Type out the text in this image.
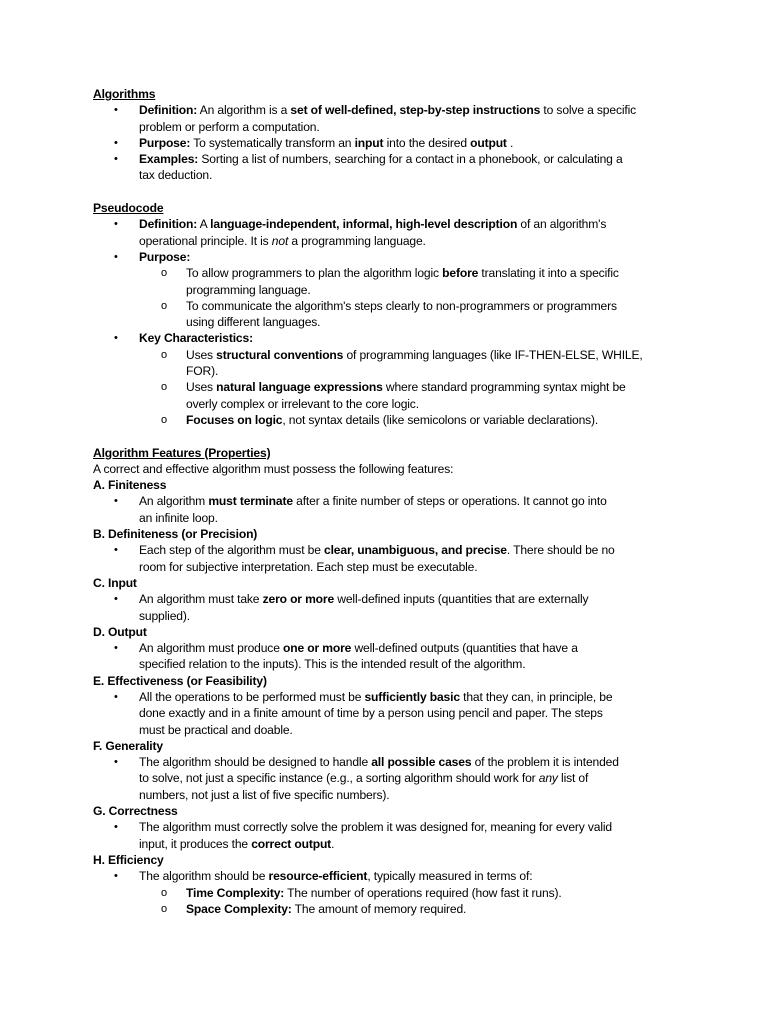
Algorithms
• Definition: An algorithm is a set of well-defined, step-by-step instructions to solve a specific
problem or perform a computation.
• Purpose: To systematically transform an input into the desired output .
• Examples: Sorting a list of numbers, searching for a contact in a phonebook, or calculating a
tax deduction.
Pseudocode
• Definition: A language-independent, informal, high-level description of an algorithm's
operational principle. It is not a programming language.
• Purpose:
o To allow programmers to plan the algorithm logic before translating it into a specific
programming language.
o To communicate the algorithm's steps clearly to non-programmers or programmers
using different languages.
• Key Characteristics:
o Uses structural conventions of programming languages (like IF-THEN-ELSE, WHILE,
FOR).
o Uses natural language expressions where standard programming syntax might be
overly complex or irrelevant to the core logic.
o Focuses on logic, not syntax details (like semicolons or variable declarations).
Algorithm Features (Properties)
A correct and effective algorithm must possess the following features:
A. Finiteness
• An algorithm must terminate after a finite number of steps or operations. It cannot go into
an infinite loop.
B. Definiteness (or Precision)
• Each step of the algorithm must be clear, unambiguous, and precise. There should be no
room for subjective interpretation. Each step must be executable.
C. Input
• An algorithm must take zero or more well-defined inputs (quantities that are externally
supplied).
D. Output
• An algorithm must produce one or more well-defined outputs (quantities that have a
specified relation to the inputs). This is the intended result of the algorithm.
E. Effectiveness (or Feasibility)
• All the operations to be performed must be sufficiently basic that they can, in principle, be
done exactly and in a finite amount of time by a person using pencil and paper. The steps
must be practical and doable.
F. Generality
• The algorithm should be designed to handle all possible cases of the problem it is intended
to solve, not just a specific instance (e.g., a sorting algorithm should work for any list of
numbers, not just a list of five specific numbers).
G. Correctness
• The algorithm must correctly solve the problem it was designed for, meaning for every valid
input, it produces the correct output.
H. Efficiency
• The algorithm should be resource-efficient, typically measured in terms of:
o Time Complexity: The number of operations required (how fast it runs).
o Space Complexity: The amount of memory required.
